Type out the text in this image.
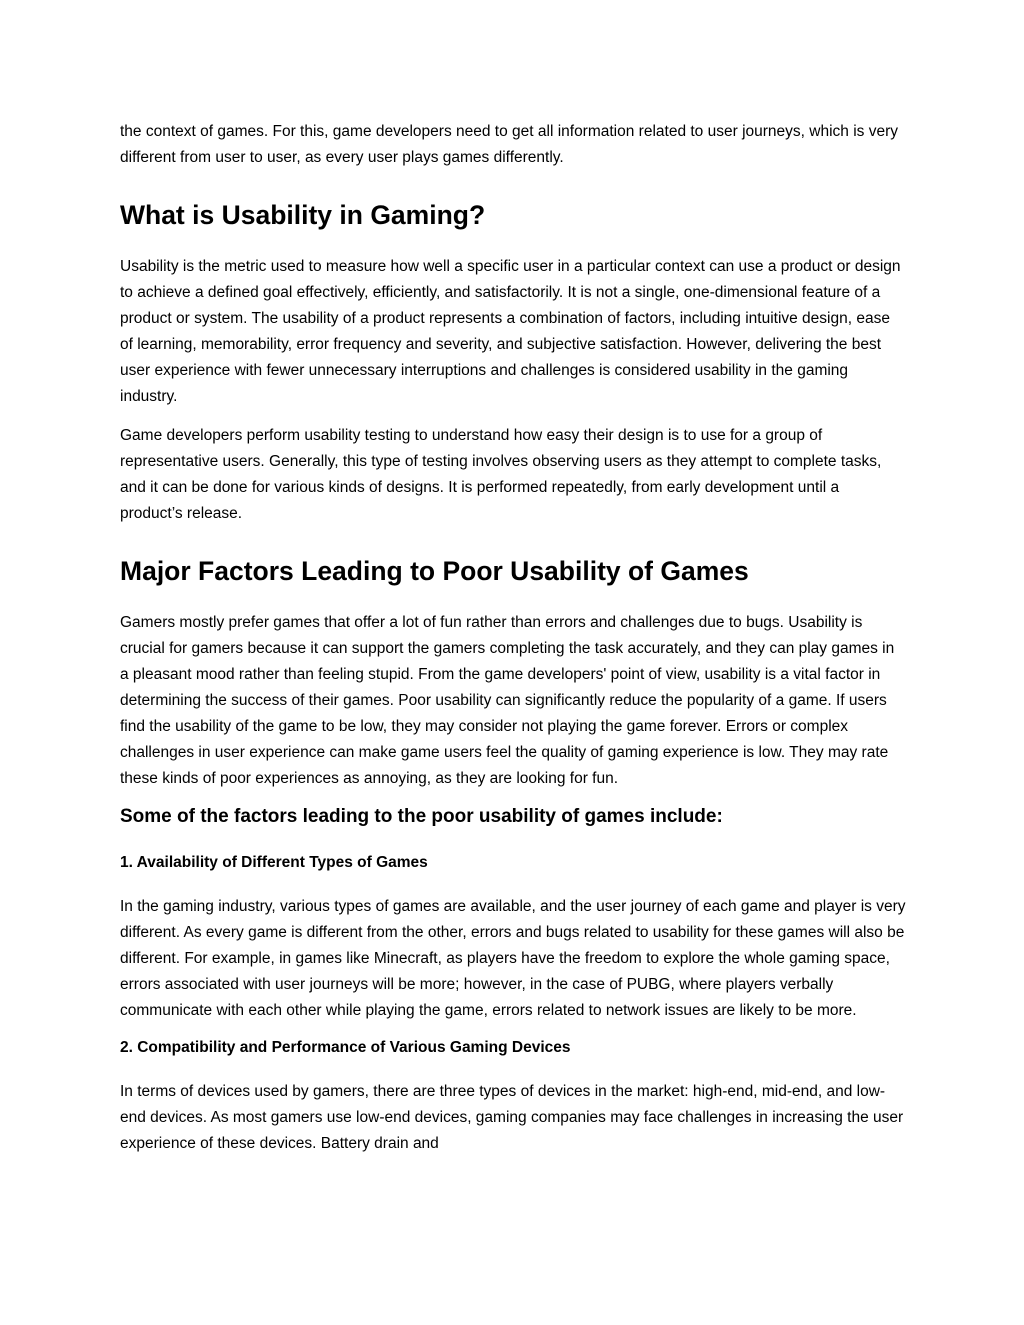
the context of games. For this, game developers need to get all information related to user journeys, which is very different from user to user, as every user plays games differently.

What is Usability in Gaming?

Usability is the metric used to measure how well a specific user in a particular context can use a product or design to achieve a defined goal effectively, efficiently, and satisfactorily. It is not a single, one-dimensional feature of a product or system. The usability of a product represents a combination of factors, including intuitive design, ease of learning, memorability, error frequency and severity, and subjective satisfaction. However, delivering the best user experience with fewer unnecessary interruptions and challenges is considered usability in the gaming industry.

Game developers perform usability testing to understand how easy their design is to use for a group of representative users. Generally, this type of testing involves observing users as they attempt to complete tasks, and it can be done for various kinds of designs. It is performed repeatedly, from early development until a product’s release.

Major Factors Leading to Poor Usability of Games

Gamers mostly prefer games that offer a lot of fun rather than errors and challenges due to bugs. Usability is crucial for gamers because it can support the gamers completing the task accurately, and they can play games in a pleasant mood rather than feeling stupid. From the game developers' point of view, usability is a vital factor in determining the success of their games. Poor usability can significantly reduce the popularity of a game. If users find the usability of the game to be low, they may consider not playing the game forever. Errors or complex challenges in user experience can make game users feel the quality of gaming experience is low. They may rate these kinds of poor experiences as annoying, as they are looking for fun.

Some of the factors leading to the poor usability of games include:
1. Availability of Different Types of Games

In the gaming industry, various types of games are available, and the user journey of each game and player is very different. As every game is different from the other, errors and bugs related to usability for these games will also be different. For example, in games like Minecraft, as players have the freedom to explore the whole gaming space, errors associated with user journeys will be more; however, in the case of PUBG, where players verbally communicate with each other while playing the game, errors related to network issues are likely to be more.

2. Compatibility and Performance of Various Gaming Devices

In terms of devices used by gamers, there are three types of devices in the market: high-end, mid-end, and low-end devices. As most gamers use low-end devices, gaming companies may face challenges in increasing the user experience of these devices. Battery drain and
